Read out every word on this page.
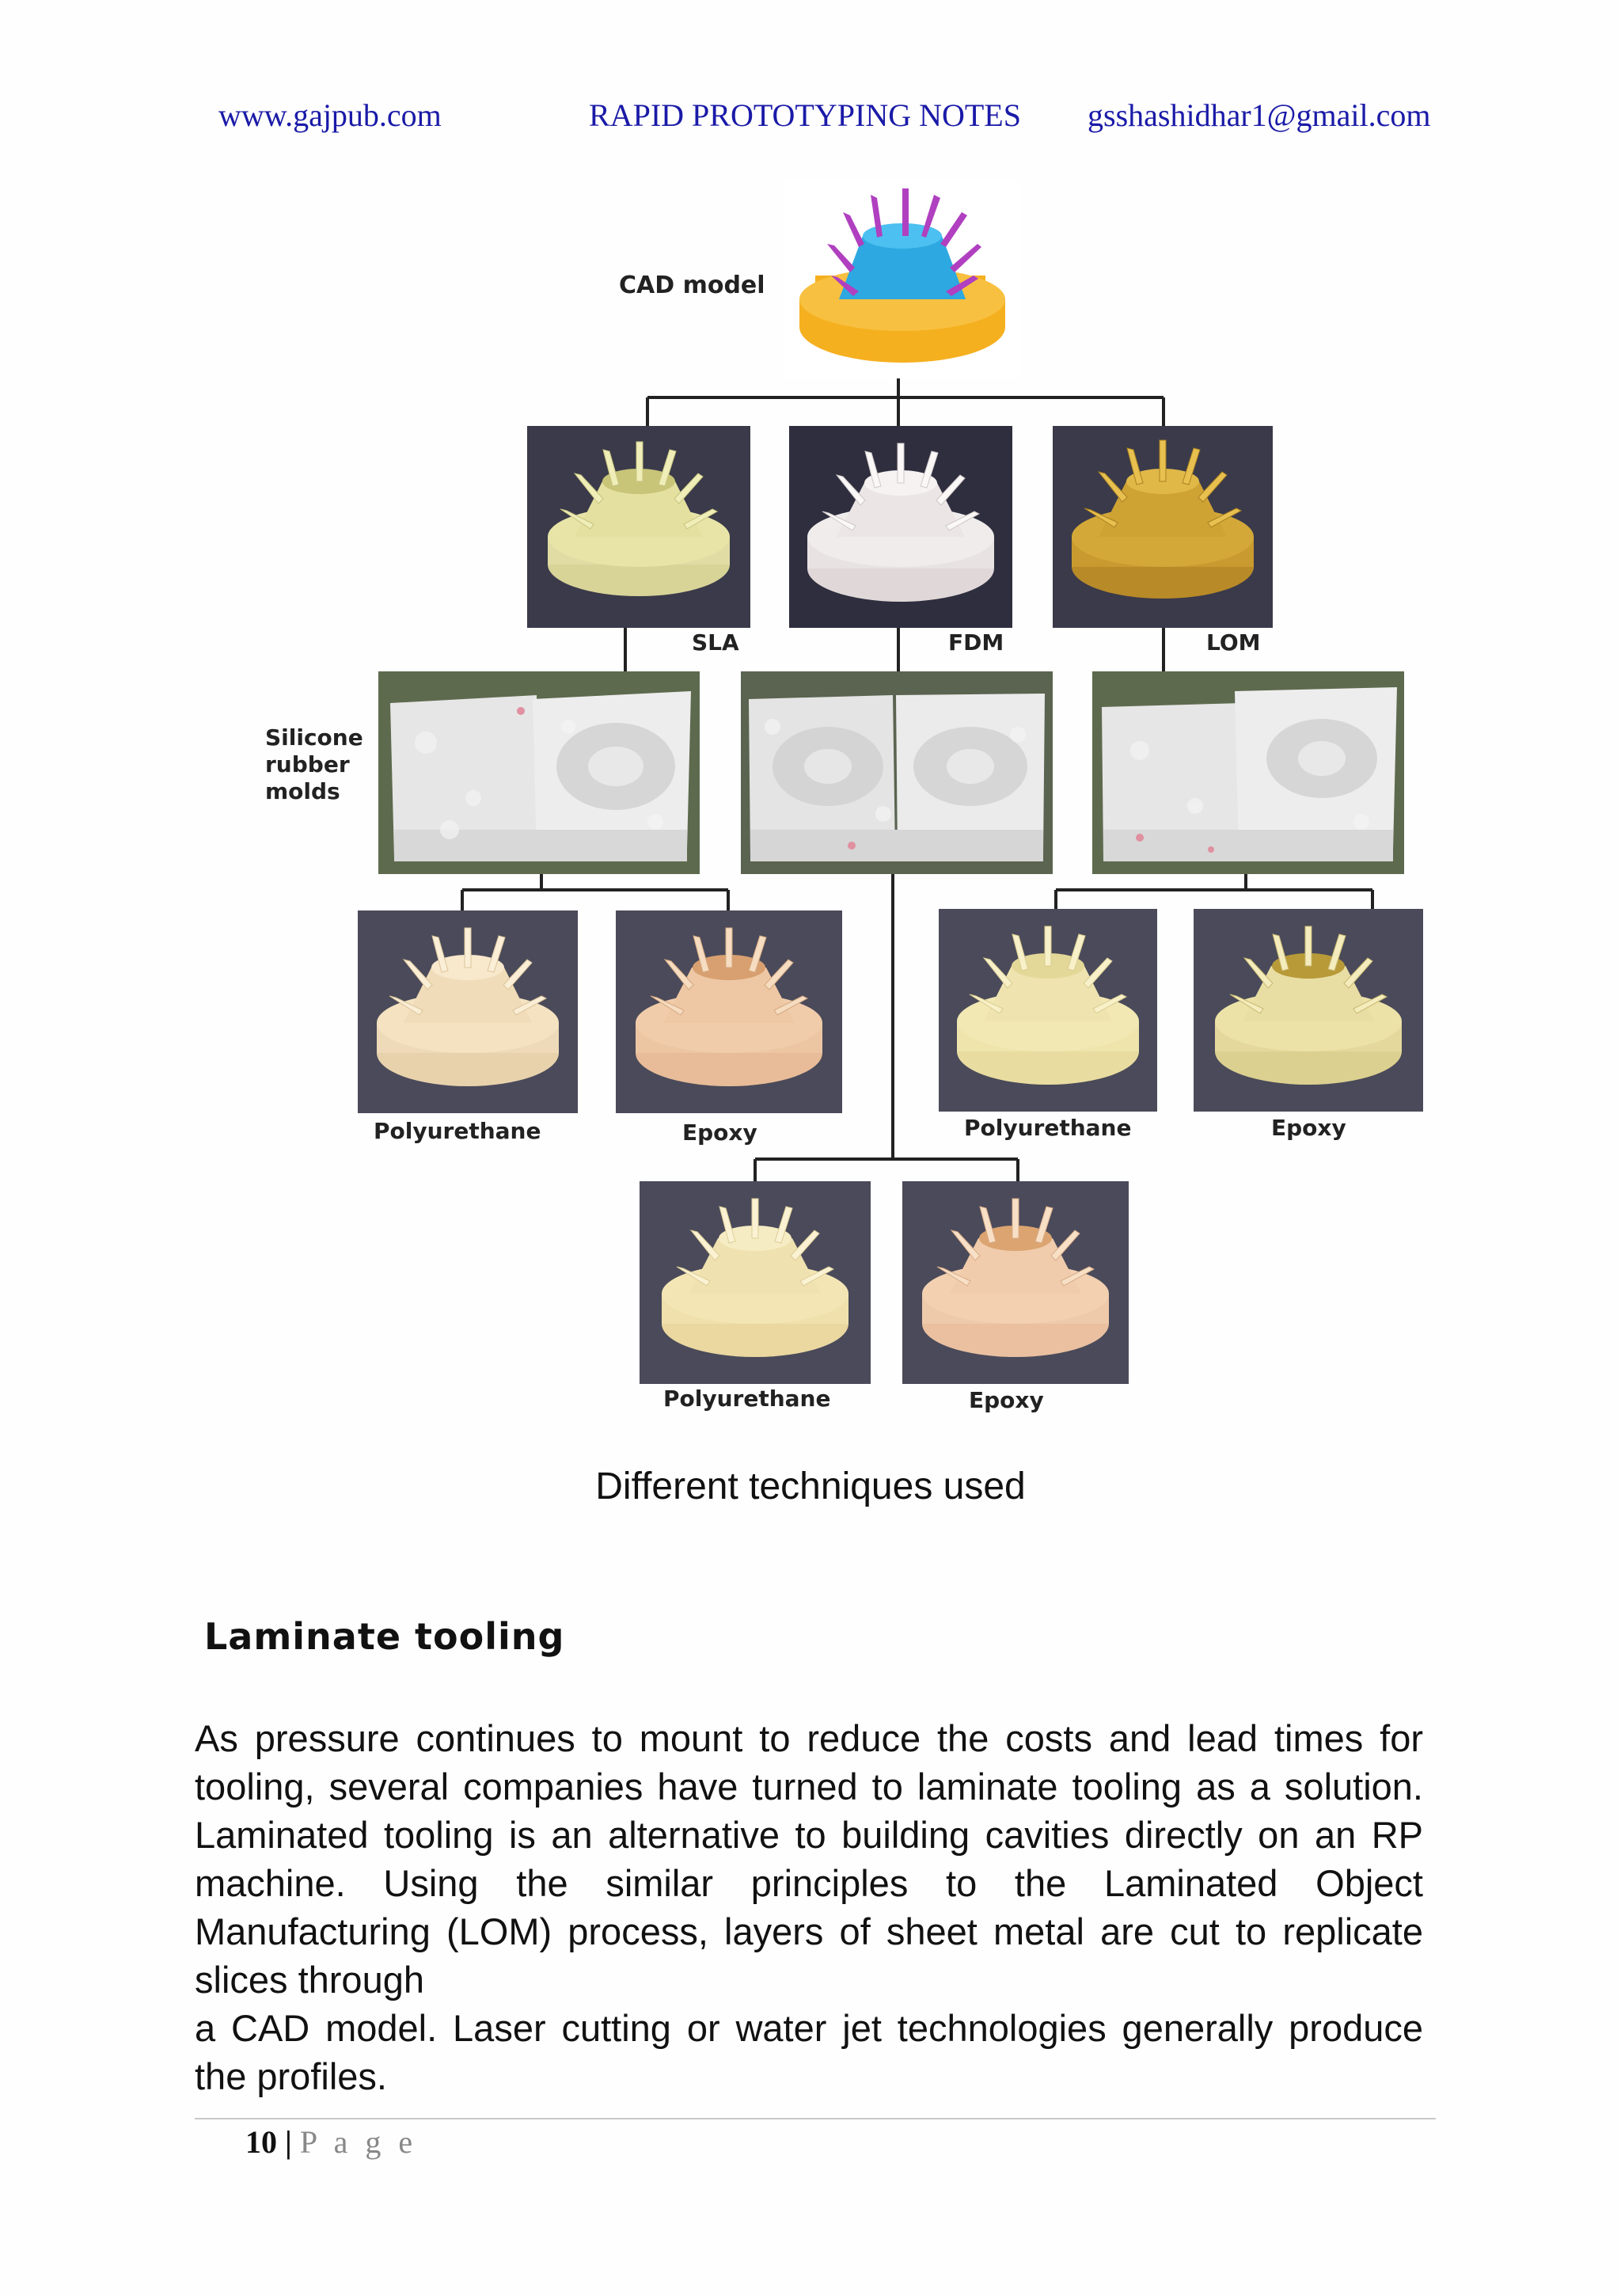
www.gajpub.com	RAPID PROTOTYPING NOTES gsshashidhar1@gmail.com
CAD model
SLA	FDM	LOM
Silicone
rubber
molds
Polyurethane	Epoxy	Polyurethane	Epoxy
Polyurethane	Epoxy
Different techniques used
Laminate tooling

As pressure continues to mount to reduce the costs and lead times for tooling, several companies have turned to laminate tooling as a solution. Laminated tooling is an alternative to building cavities directly on an RP machine. Using the similar principles to the Laminated Object Manufacturing (LOM) process, layers of sheet metal are cut to replicate slices through

a CAD model. Laser cutting or water jet technologies generally produce the profiles.

10 | P a g e
